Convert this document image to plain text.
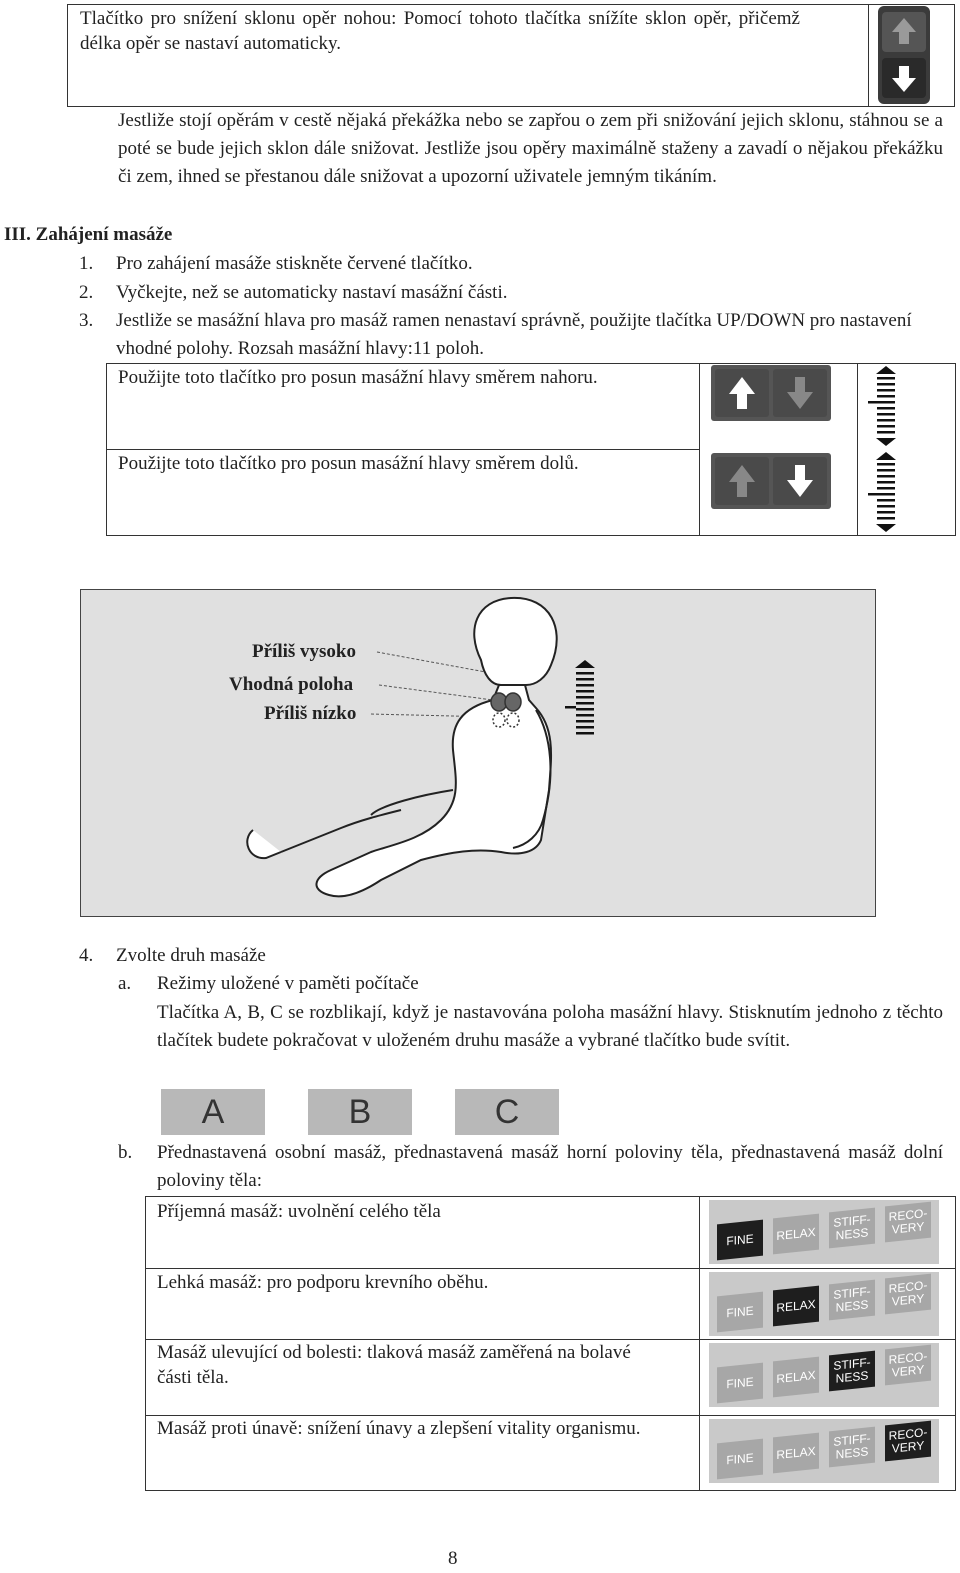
Tlačítko pro snížení sklonu opěr nohou: Pomocí tohoto tlačítka snížíte sklon opěr, přičemž délka opěr se nastaví automaticky.
Jestliže stojí opěrám v cestě nějaká překážka nebo se zapřou o zem při snižování jejich sklonu, stáhnou se a poté se bude jejich sklon dále snižovat. Jestliže jsou opěry maximálně staženy a zavadí o nějakou překážku či zem, ihned se přestanou dále snižovat a upozorní uživatele jemným tikáním.
III. Zahájení masáže
1. Pro zahájení masáže stiskněte červené tlačítko.
2. Vyčkejte, než se automaticky nastaví masážní části.
3. Jestliže se masážní hlava pro masáž ramen nenastaví správně, použijte tlačítka UP/DOWN pro nastavení vhodné polohy. Rozsah masážní hlavy:11 poloh.
Použijte toto tlačítko pro posun masážní hlavy směrem nahoru.
Použijte toto tlačítko pro posun masážní hlavy směrem dolů.
Příliš vysoko
Vhodná poloha
Příliš nízko
4. Zvolte druh masáže
a. Režimy uložené v paměti počítače
Tlačítka A, B, C se rozblikají, když je nastavována poloha masážní hlavy. Stisknutím jednoho z těchto tlačítek budete pokračovat v uloženém druhu masáže a vybrané tlačítko bude svítit.
A	B	C
b. Přednastavená osobní masáž, přednastavená masáž horní poloviny těla, přednastavená masáž dolní poloviny těla:
Příjemná masáž: uvolnění celého těla
Lehká masáž: pro podporu krevního oběhu.
Masáž ulevující od bolesti: tlaková masáž zaměřená na bolavé části těla.
Masáž proti únavě: snížení únavy a zlepšení vitality organismu.
FINE RELAX
STIFF-
NESS
RECO-
VERY
FINE RELAX
STIFF-
NESS
RECO-
VERY
FINE RELAX
STIFF-
NESS
RECO-
VERY
FINE RELAX
STIFF-
NESS
RECO-
VERY
8
